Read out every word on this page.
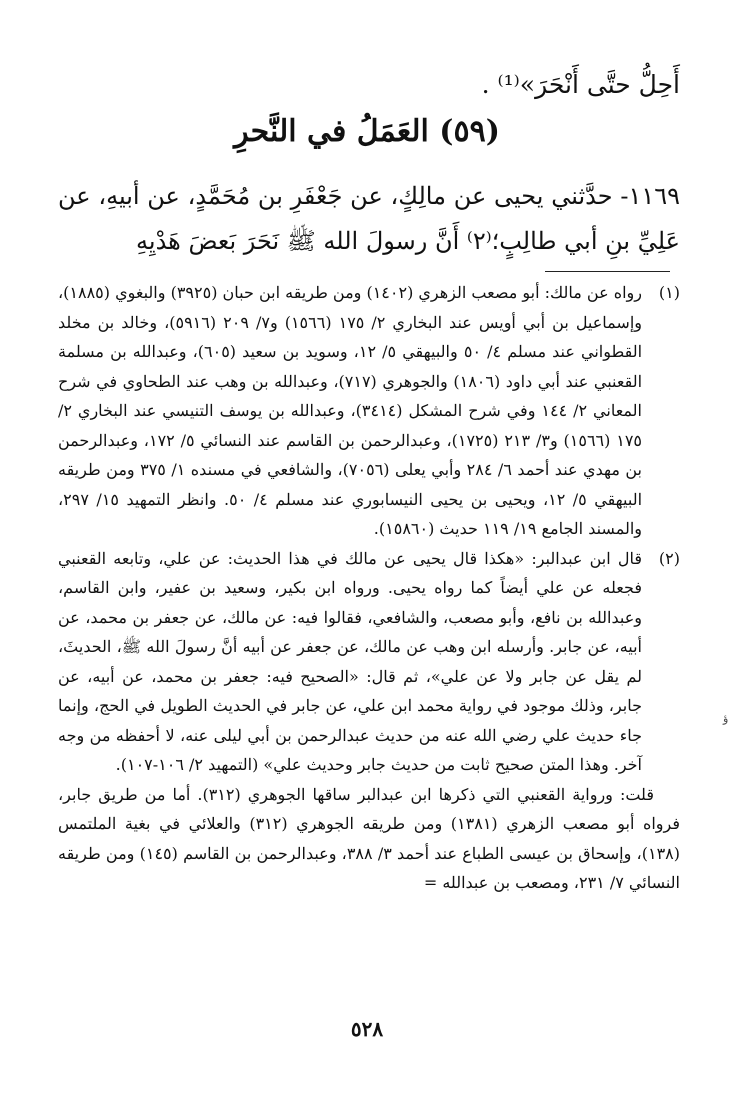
أَحِلُّ حتَّى أَنْحَرَ»⁽¹⁾ .
(٥٩) العَمَلُ في النَّحرِ
١١٦٩- حدَّثني يحيى عن مالِكٍ، عن جَعْفَرِ بن مُحَمَّدٍ، عن أبيهِ، عن عَلِيِّ بنِ أبي طالِبٍ؛⁽٢⁾ أَنَّ رسولَ الله ﷺ نَحَرَ بَعضَ هَدْيِهِ
(١)
رواه عن مالك: أبو مصعب الزهري (١٤٠٢) ومن طريقه ابن حبان (٣٩٢٥) والبغوي (١٨٨٥)، وإسماعيل بن أبي أويس عند البخاري ٢/ ١٧٥ (١٥٦٦) و٧/ ٢٠٩ (٥٩١٦)، وخالد بن مخلد القطواني عند مسلم ٤/ ٥٠ والبيهقي ٥/ ١٢، وسويد بن سعيد (٦٠٥)، وعبدالله بن مسلمة القعنبي عند أبي داود (١٨٠٦) والجوهري (٧١٧)، وعبدالله بن وهب عند الطحاوي في شرح المعاني ٢/ ١٤٤ وفي شرح المشكل (٣٤١٤)، وعبدالله بن يوسف التنيسي عند البخاري ٢/ ١٧٥ (١٥٦٦) و٣/ ٢١٣ (١٧٢٥)، وعبدالرحمن بن القاسم عند النسائي ٥/ ١٧٢، وعبدالرحمن بن مهدي عند أحمد ٦/ ٢٨٤ وأبي يعلى (٧٠٥٦)، والشافعي في مسنده ١/ ٣٧٥ ومن طريقه البيهقي ٥/ ١٢، ويحيى بن يحيى النيسابوري عند مسلم ٤/ ٥٠. وانظر التمهيد ١٥/ ٢٩٧، والمسند الجامع ١٩/ ١١٩ حديث (١٥٨٦٠).
(٢)
قال ابن عبدالبر: «هكذا قال يحيى عن مالك في هذا الحديث: عن علي، وتابعه القعنبي فجعله عن علي أيضاً كما رواه يحيى. ورواه ابن بكير، وسعيد بن عفير، وابن القاسم، وعبدالله بن نافع، وأبو مصعب، والشافعي، فقالوا فيه: عن مالك، عن جعفر بن محمد، عن أبيه، عن جابر. وأرسله ابن وهب عن مالك، عن جعفر عن أبيه أنَّ رسولَ الله ﷺ، الحديثَ، لم يقل عن جابر ولا عن علي»، ثم قال: «الصحيح فيه: جعفر بن محمد، عن أبيه، عن جابر، وذلك موجود في رواية محمد ابن علي، عن جابر في الحديث الطويل في الحج، وإنما جاء حديث علي رضي الله عنه من حديث عبدالرحمن بن أبي ليلى عنه، لا أحفظه من وجه آخر. وهذا المتن صحيح ثابت من حديث جابر وحديث علي» (التمهيد ٢/ ١٠٦-١٠٧).
قلت: ورواية القعنبي التي ذكرها ابن عبدالبر ساقها الجوهري (٣١٢). أما من طريق جابر، فرواه أبو مصعب الزهري (١٣٨١) ومن طريقه الجوهري (٣١٢) والعلائي في بغية الملتمس (١٣٨)، وإسحاق بن عيسى الطباع عند أحمد ٣/ ٣٨٨، وعبدالرحمن بن القاسم (١٤٥) ومن طريقه النسائي ٧/ ٢٣١، ومصعب بن عبدالله =
٥٢٨
ؤ
